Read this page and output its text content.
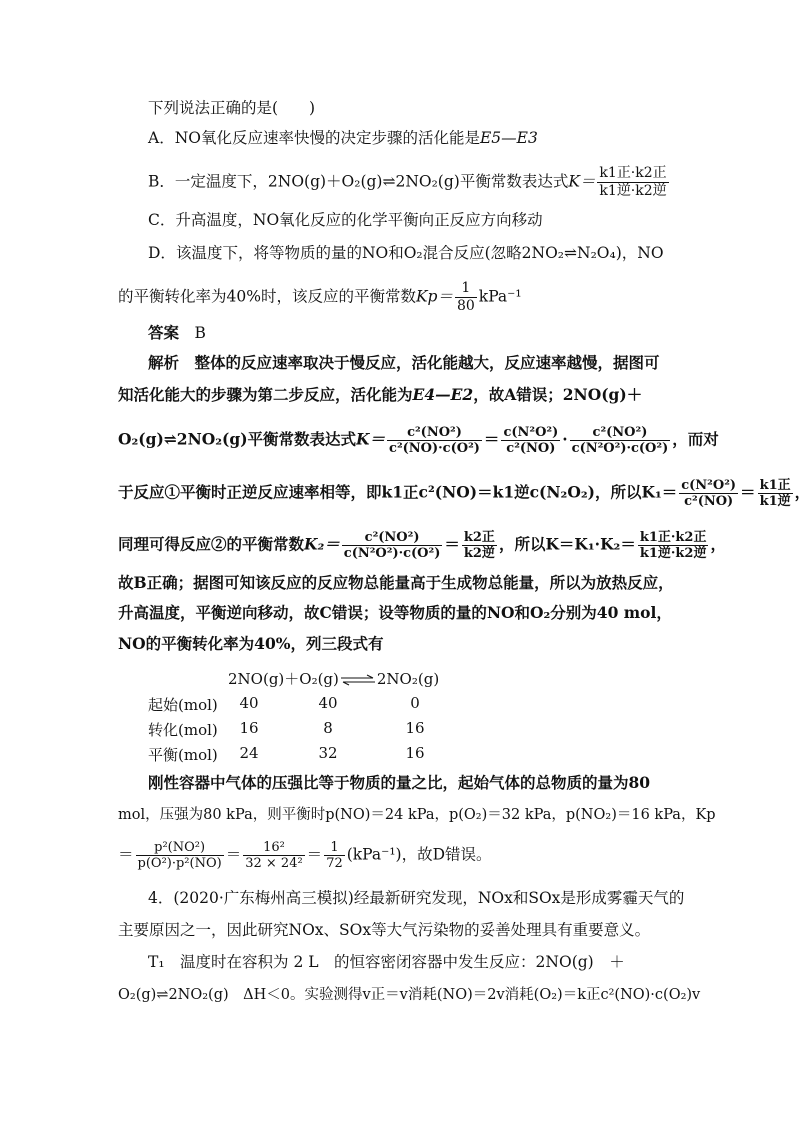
下列说法正确的是(　　)
A．NO氧化反应速率快慢的决定步骤的活化能是E5—E3
B．一定温度下，2NO(g)＋O₂(g)⇌2NO₂(g)平衡常数表达式$K= \frac{\text{k1正·k2正}}{\text{k1逆·k2逆}}$
C．升高温度，NO氧化反应的化学平衡向正反应方向移动
D．该温度下，将等物质的量的NO和O₂混合反应(忽略2NO₂⇌N₂O₄)，NO
的平衡转化率为40%时，该反应的平衡常数$Kp= \frac{1}{80} kPa^{-1}$
答案　 B
解析　 整体的反应速率取决于慢反应，活化能越大，反应速率越慢，据图可
知活化能大的步骤为第二步反应，活化能为E4—E2，故A错误；2NO(g)＋
O₂(g)⇌2NO₂(g)平衡常数表达式$K= \frac{\text{c²(NO²)}}{\text{c²(NO)·c(O²)}} = \frac{\text{c(N²O²)}}{\text{c²(NO)}} \cdot \frac{\text{c²(NO²)}}{\text{c(N²O²)·c(O²)}}$ ，而对
于反应①平衡时正逆反应速率相等，即k1正c²(NO)＝k1逆c(N₂O₂)，所以$K_1= \frac{\text{c(N²O²)}}{\text{c²(NO)}} = \frac{\text{k1正}}{\text{k1逆}}$ ，
同理可得反应②的平衡常数$K_2= \frac{\text{c²(NO²)}}{\text{c(N²O²)·c(O²)}} = \frac{\text{k2正}}{\text{k2逆}}$ ，所以$K=K_1\cdot K_2= \frac{\text{k1正·k2正}}{\text{k1逆·k2逆}}$ ，
故B正确；据图可知该反应的反应物总能量高于生成物总能量，所以为放热反应，
升高温度，平衡逆向移动，故C错误；设等物质的量的NO和O₂分别为40 mol，
NO的平衡转化率为40%，列三段式有
2NO(g)＋O₂(g) ⇌ 2NO₂(g)
起始(mol)	40	40	0
转化(mol)	16	8	16
平衡(mol)	24	32	16
刚性容器中气体的压强比等于物质的量之比，起始气体的总物质的量为80
mol，压强为80 kPa，则平衡时p(NO)＝24 kPa，p(O₂)＝32 kPa，p(NO₂)＝16 kPa，Kp
＝ $\frac{\text{p²(NO²)}}{\text{p(O²)·p²(NO)}} = \frac{\text{16²}}{\text{32 × 24²}} = \frac{1}{72} (kPa^{-1})$，故D错误。
4．(2020·广东梅州高三模拟)经最新研究发现，NOx和SOx是形成雾霾天气的
主要原因之一，因此研究NOx、SOx等大气污染物的妥善处理具有重要意义。
T₁　温度时在容积为 2 L　的恒容密闭容器中发生反应：2NO(g)　＋
O₂(g)⇌2NO₂(g)　ΔH＜0。实验测得v正＝v消耗(NO)＝2v消耗(O₂)＝k正c²(NO)·c(O₂)v
